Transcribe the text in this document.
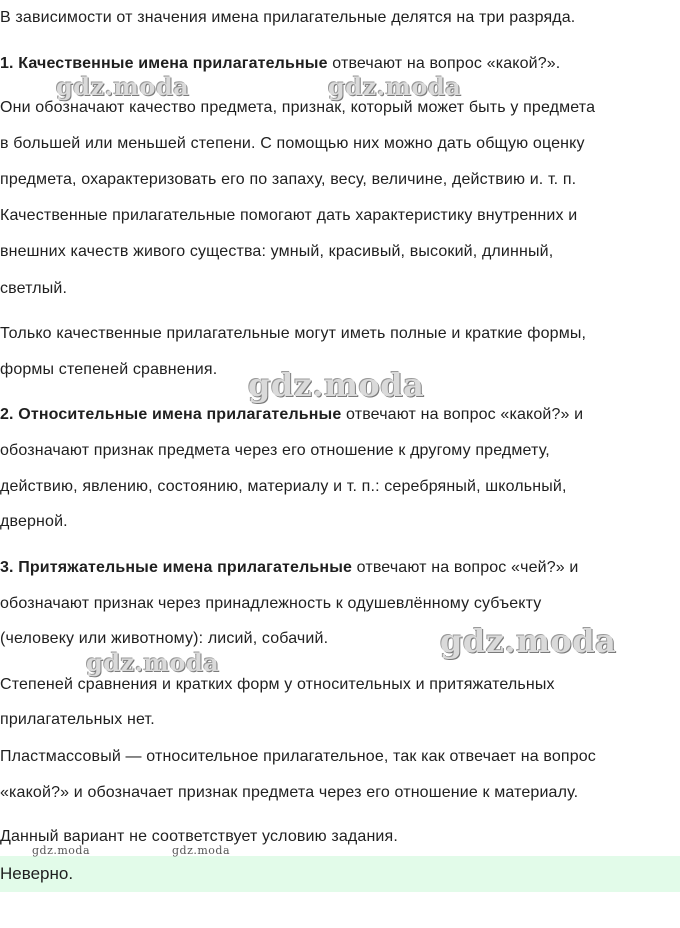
В зависимости от значения имена прилагательные делятся на три разряда.

1. Качественные имена прилагательные отвечают на вопрос «какой?».

Они обозначают качество предмета, признак, который может быть у предмета

в большей или меньшей степени. С помощью них можно дать общую оценку

предмета, охарактеризовать его по запаху, весу, величине, действию и. т. п.

Качественные прилагательные помогают дать характеристику внутренних и

внешних качеств живого существа: умный, красивый, высокий, длинный,

светлый.

Только качественные прилагательные могут иметь полные и краткие формы,

формы степеней сравнения.

2. Относительные имена прилагательные отвечают на вопрос «какой?» и

обозначают признак предмета через его отношение к другому предмету,

действию, явлению, состоянию, материалу и т. п.: серебряный, школьный,

дверной.

3. Притяжательные имена прилагательные отвечают на вопрос «чей?» и

обозначают признак через принадлежность к одушевлённому субъекту

(человеку или животному): лисий, собачий.

Степеней сравнения и кратких форм у относительных и притяжательных

прилагательных нет.

Пластмассовый — относительное прилагательное, так как отвечает на вопрос

«какой?» и обозначает признак предмета через его отношение к материалу.

Данный вариант не соответствует условию задания.

Неверно.
gdz.moda	gdz.moda
gdz.moda
gdz.moda
gdz.moda
gdz.moda	gdz.moda
